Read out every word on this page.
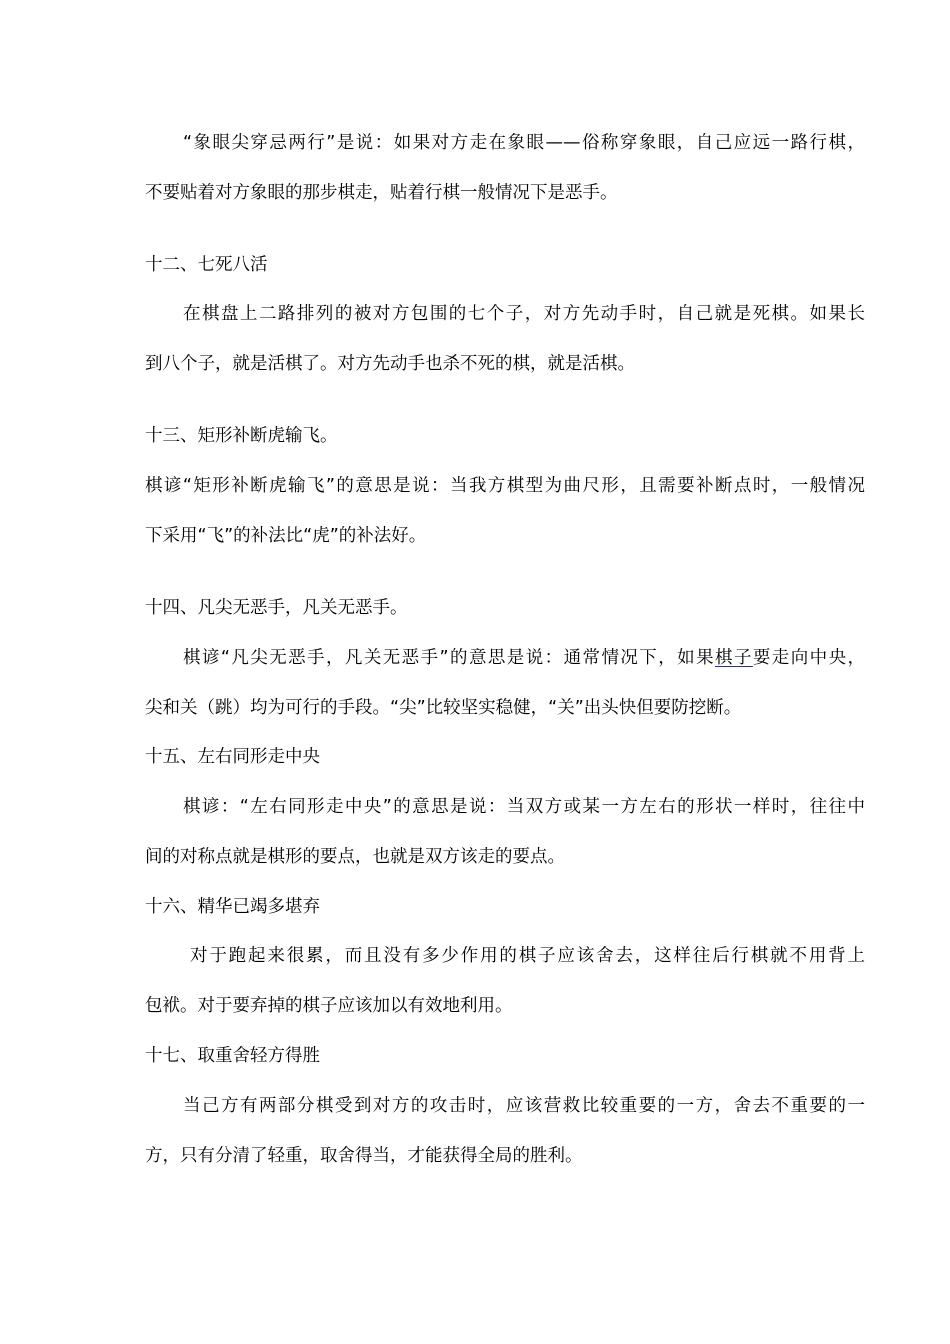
“象眼尖穿忌两行”是说：如果对方走在象眼——俗称穿象眼，自己应远一路行棋，
不要贴着对方象眼的那步棋走，贴着行棋一般情况下是恶手。
十二、七死八活
在棋盘上二路排列的被对方包围的七个子，对方先动手时，自己就是死棋。如果长
到八个子，就是活棋了。对方先动手也杀不死的棋，就是活棋。
十三、矩形补断虎输飞。
棋谚“矩形补断虎输飞”的意思是说：当我方棋型为曲尺形，且需要补断点时，一般情况
下采用“飞”的补法比“虎”的补法好。
十四、凡尖无恶手，凡关无恶手。
棋谚“凡尖无恶手，凡关无恶手”的意思是说：通常情况下，如果棋子要走向中央，
尖和关（跳）均为可行的手段。“尖”比较坚实稳健，“关”出头快但要防挖断。
十五、左右同形走中央
棋谚：“左右同形走中央”的意思是说：当双方或某一方左右的形状一样时，往往中
间的对称点就是棋形的要点，也就是双方该走的要点。
十六、精华已竭多堪弃
对于跑起来很累，而且没有多少作用的棋子应该舍去，这样往后行棋就不用背上
包袱。对于要弃掉的棋子应该加以有效地利用。
十七、取重舍轻方得胜
当己方有两部分棋受到对方的攻击时，应该营救比较重要的一方，舍去不重要的一
方，只有分清了轻重，取舍得当，才能获得全局的胜利。
